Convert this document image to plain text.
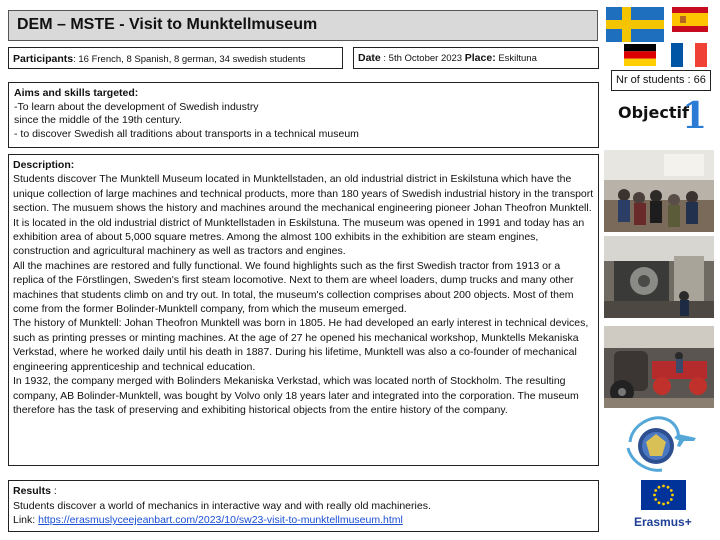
DEM – MSTE - Visit to Munktellmuseum
Participants: 16 French, 8 Spanish, 8 german, 34 swedish students	Date : 5th October 2023 Place: Eskiltuna
Aims and skills targeted:
-To learn about the development of Swedish industry
since the middle of the 19th century.
- to discover Swedish all traditions about transports in a technical museum
Description:
Students discover The Munktell Museum located in Munktellstaden, an old industrial district in Eskilstuna which have the unique collection of large machines and technical products, more than 180 years of Swedish industrial history in the transport section. The musuem shows the history and machines around the mechanical engineering pioneer Johan Theofron Munktell. It is located in the old industrial district of Munktellstaden in Eskilstuna. The museum was opened in 1991 and today has an exhibition area of about 5,000 square metres. Among the almost 100 exhibits in the exhibition are steam engines, construction and agricultural machinery as well as tractors and engines.
All the machines are restored and fully functional. We found highlights such as the first Swedish tractor from 1913 or a replica of the Förstlingen, Sweden's first steam locomotive. Next to them are wheel loaders, dump trucks and many other machines that students climb on and try out. In total, the museum's collection comprises about 200 objects. Most of them come from the former Bolinder-Munktell company, from which the museum emerged.
The history of Munktell: Johan Theofron Munktell was born in 1805. He had developed an early interest in technical devices, such as printing presses or minting machines. At the age of 27 he opened his mechanical workshop, Munktells Mekaniska Verkstad, where he worked daily until his death in 1887. During his lifetime, Munktell was also a co-founder of mechanical engineering apprenticeship and technical education.
In 1932, the company merged with Bolinders Mekaniska Verkstad, which was located north of Stockholm. The resulting company, AB Bolinder-Munktell, was bought by Volvo only 18 years later and integrated into the corporation. The museum therefore has the task of preserving and exhibiting historical objects from the entire history of the company.
Results :
Students discover a world of mechanics in interactive way and with really old machineries.
Link: https://erasmuslyceejeanbart.com/2023/10/sw23-visit-to-munktellmuseum.html
Nr of students : 66
Objectif
1
Erasmus+
